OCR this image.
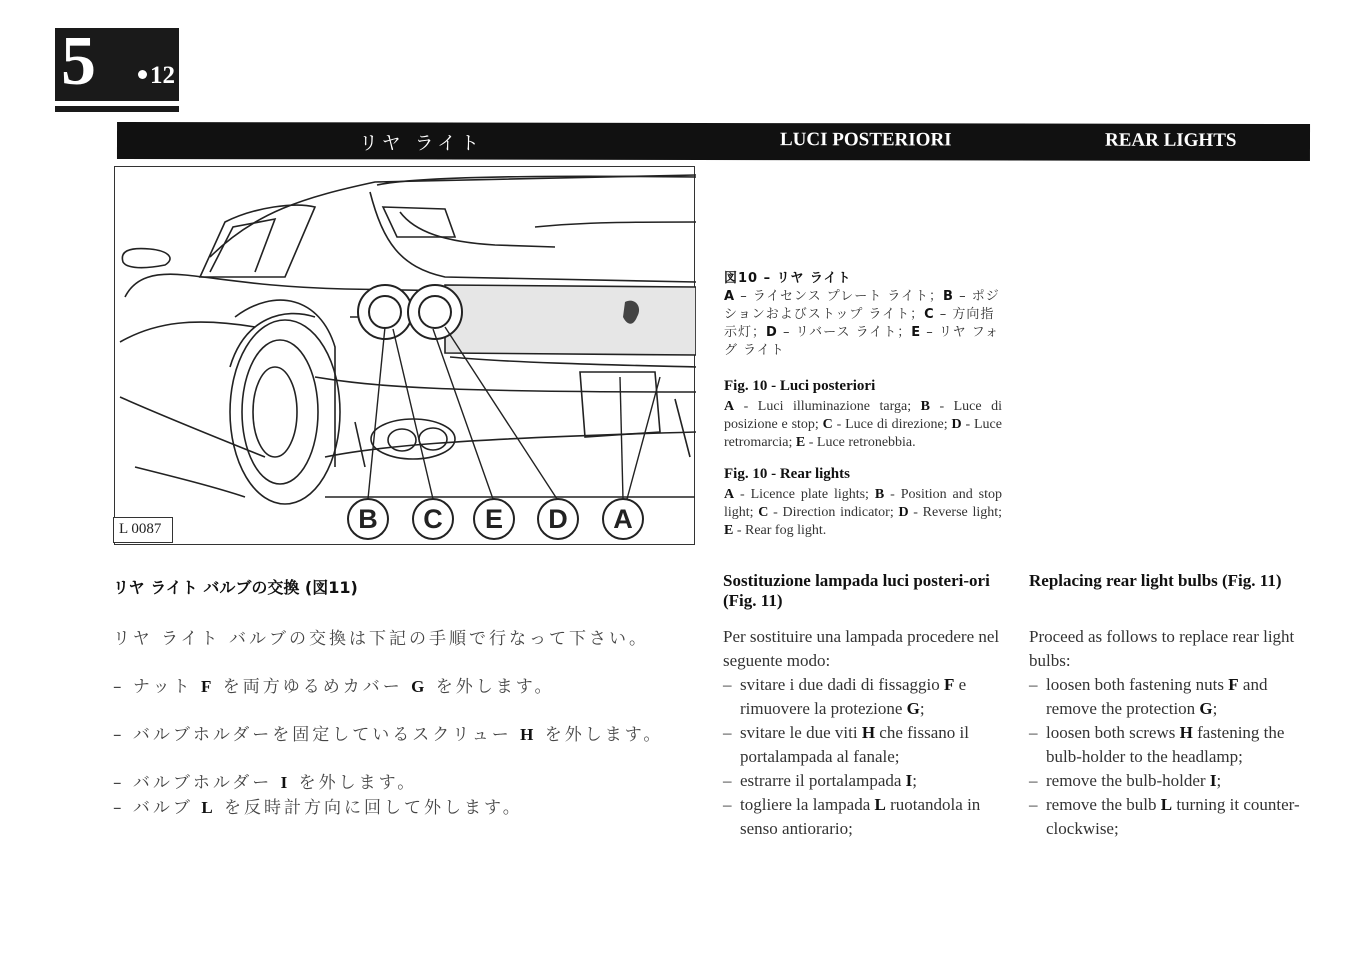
5 12
リヤ ライト	LUCI POSTERIORI	REAR LIGHTS
B	C	E	D	A
L 0087
図10 – リヤ ライト
A – ライセンス プレート ライト；B – ポジションおよびストップ ライト；C – 方向指示灯；D – リバース ライト；E – リヤ フォグ ライト
Fig. 10 - Luci posteriori
A - Luci illuminazione targa; B - Luce di posizione e stop; C - Luce di direzione; D - Luce retromarcia; E - Luce retronebbia.
Fig. 10 - Rear lights
A - Licence plate lights; B - Position and stop light; C - Direction indicator; D - Reverse light; E - Rear fog light.
リヤ ライト バルブの交換 (図11)
リヤ ライト バルブの交換は下記の手順で行なって下さい。
– ナット F を両方ゆるめカバー G を外します。
– バルブホルダーを固定しているスクリュー H を外します。
– バルブホルダー I を外します。
– バルブ L を反時計方向に回して外します。
Sostituzione lampada luci posteri-ori (Fig. 11)
Per sostituire una lampada procedere nel seguente modo:
– svitare i due dadi di fissaggio F e rimuovere la protezione G;
– svitare le due viti H che fissano il portalampada al fanale;
– estrarre il portalampada I;
– togliere la lampada L ruotandola in senso antiorario;
Replacing rear light bulbs (Fig. 11)
Proceed as follows to replace rear light bulbs:
– loosen both fastening nuts F and remove the protection G;
– loosen both screws H fastening the bulb-holder to the headlamp;
– remove the bulb-holder I;
– remove the bulb L turning it counter-clockwise;
